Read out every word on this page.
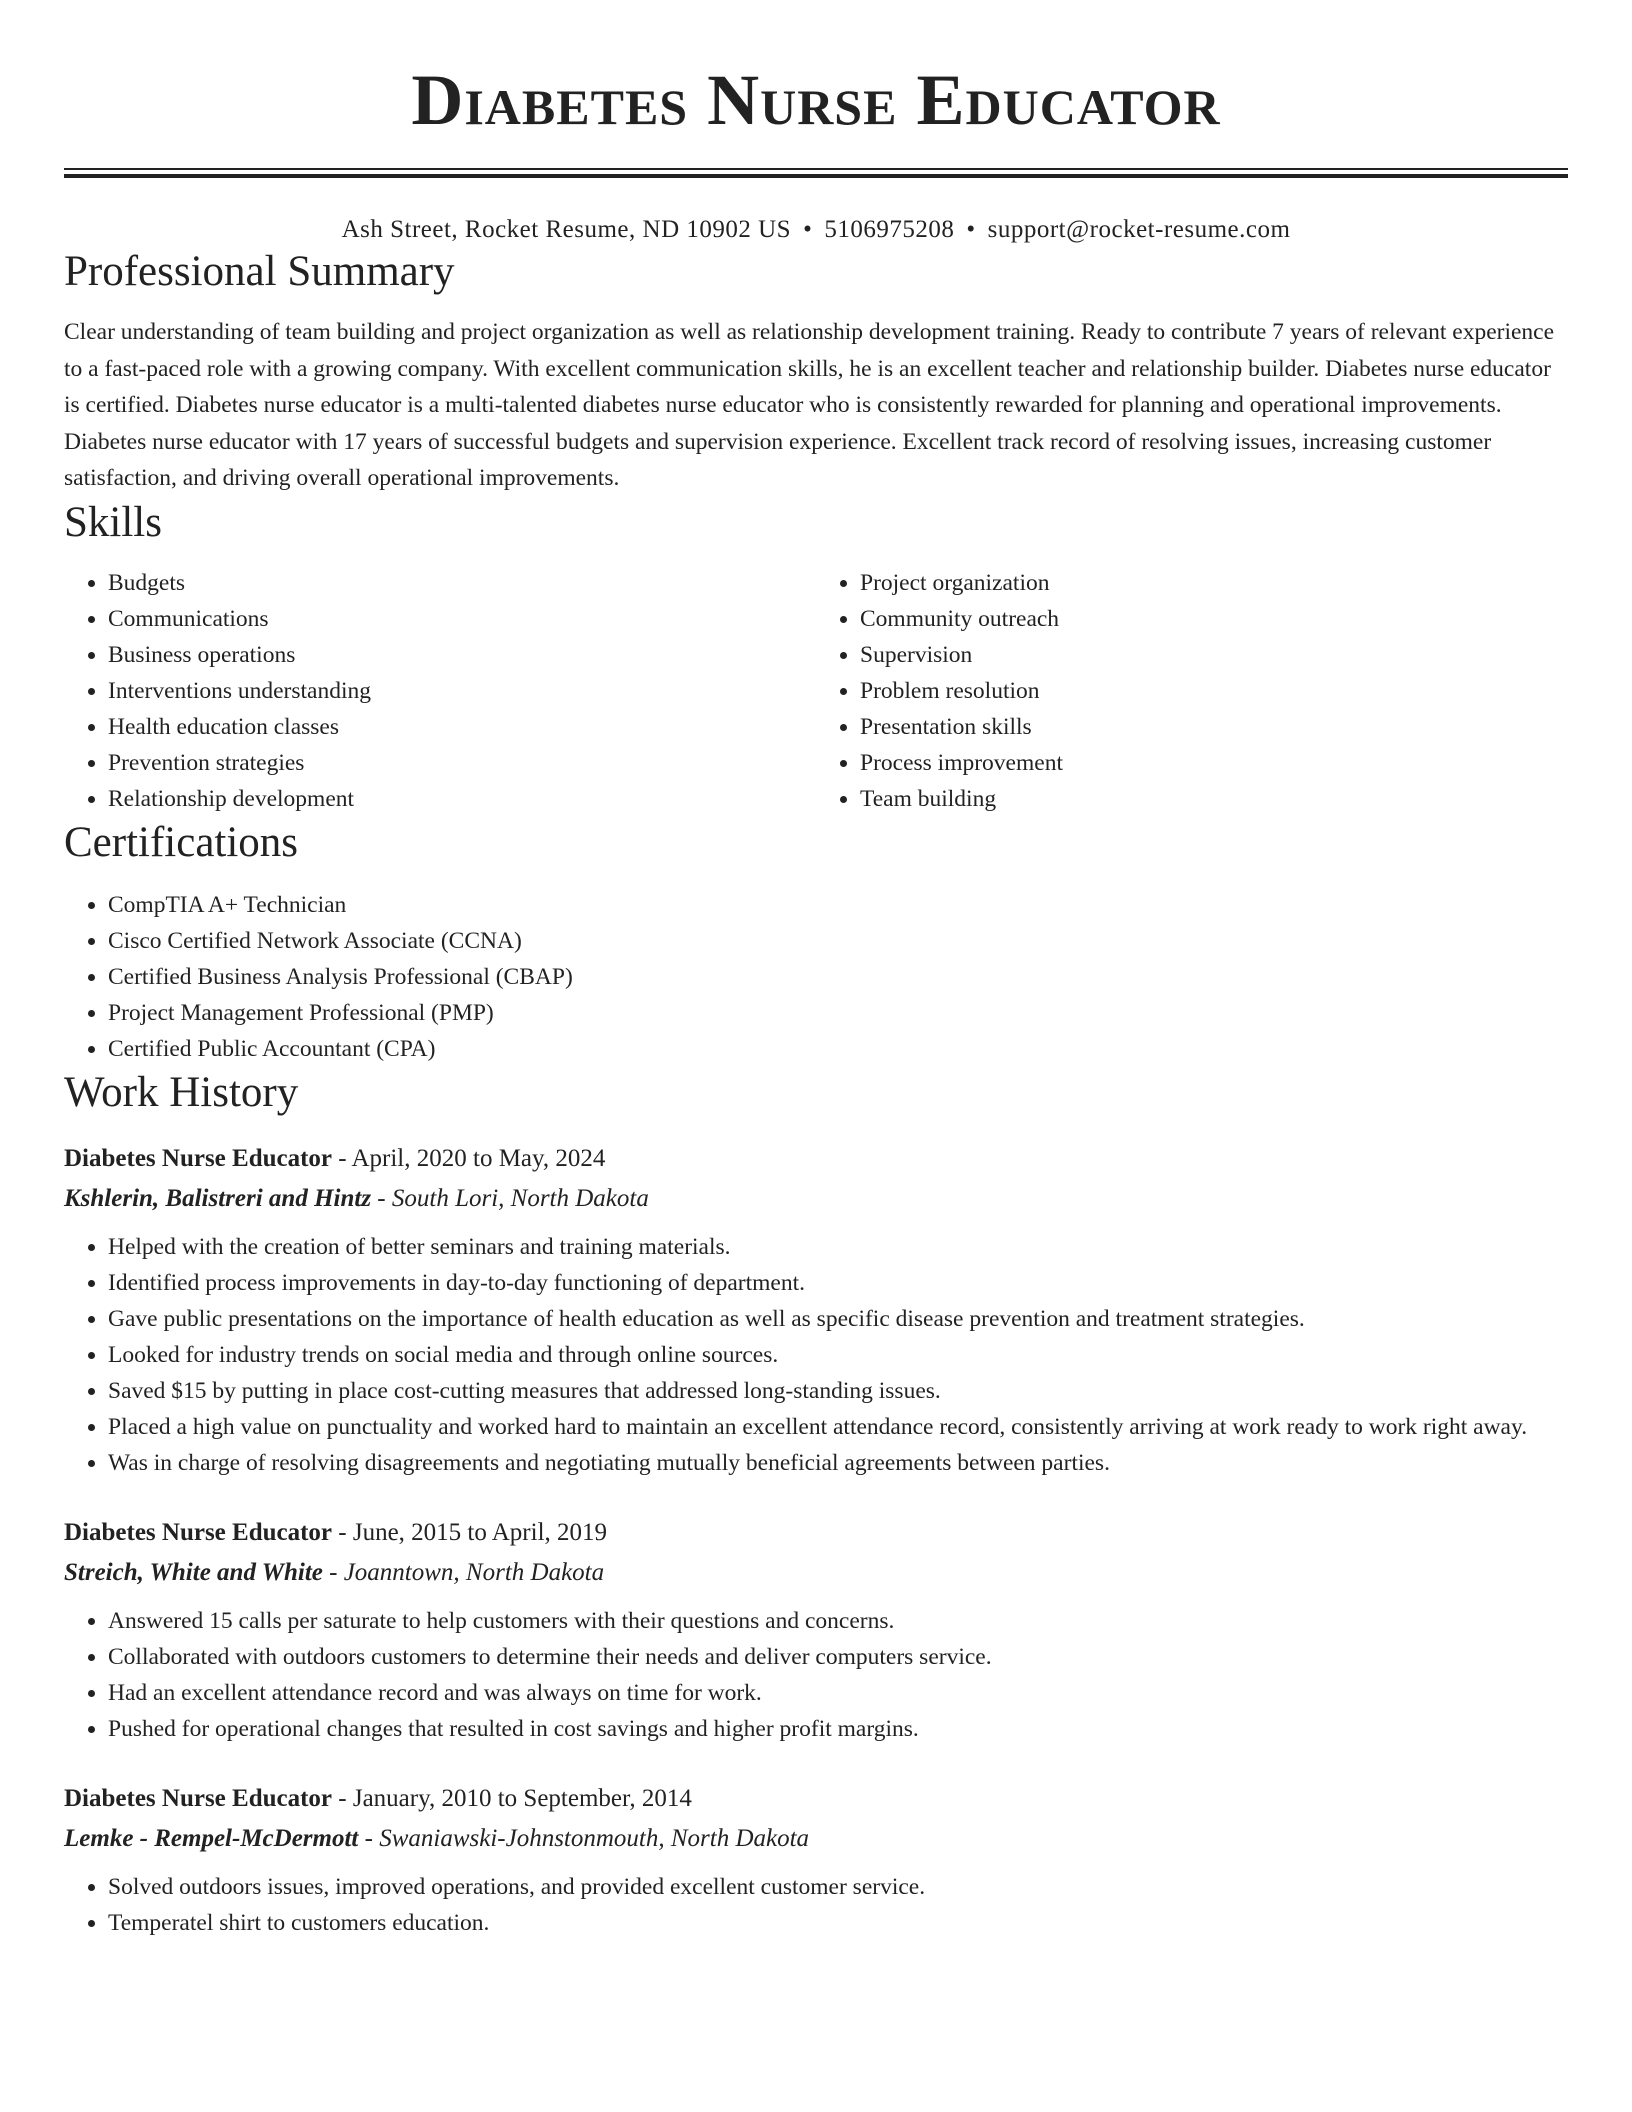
Diabetes Nurse Educator
Ash Street, Rocket Resume, ND 10902 US • 5106975208 • support@rocket-resume.com
Professional Summary

Clear understanding of team building and project organization as well as relationship development training. Ready to contribute 7 years of relevant experience to a fast-paced role with a growing company. With excellent communication skills, he is an excellent teacher and relationship builder. Diabetes nurse educator is certified. Diabetes nurse educator is a multi-talented diabetes nurse educator who is consistently rewarded for planning and operational improvements. Diabetes nurse educator with 17 years of successful budgets and supervision experience. Excellent track record of resolving issues, increasing customer satisfaction, and driving overall operational improvements.

Skills
• Budgets
• Communications
• Business operations
• Interventions understanding
• Health education classes
• Prevention strategies
• Relationship development
• Project organization
• Community outreach
• Supervision
• Problem resolution
• Presentation skills
• Process improvement
• Team building
Certifications
• CompTIA A+ Technician
• Cisco Certified Network Associate (CCNA)
• Certified Business Analysis Professional (CBAP)
• Project Management Professional (PMP)
• Certified Public Accountant (CPA)
Work History
Diabetes Nurse Educator - April, 2020 to May, 2024
Kshlerin, Balistreri and Hintz - South Lori, North Dakota
• Helped with the creation of better seminars and training materials.
• Identified process improvements in day-to-day functioning of department.
• Gave public presentations on the importance of health education as well as specific disease prevention and treatment strategies.
• Looked for industry trends on social media and through online sources.
• Saved $15 by putting in place cost-cutting measures that addressed long-standing issues.
• Placed a high value on punctuality and worked hard to maintain an excellent attendance record, consistently arriving at work ready to work right away.
• Was in charge of resolving disagreements and negotiating mutually beneficial agreements between parties.
Diabetes Nurse Educator - June, 2015 to April, 2019
Streich, White and White - Joanntown, North Dakota
• Answered 15 calls per saturate to help customers with their questions and concerns.
• Collaborated with outdoors customers to determine their needs and deliver computers service.
• Had an excellent attendance record and was always on time for work.
• Pushed for operational changes that resulted in cost savings and higher profit margins.
Diabetes Nurse Educator - January, 2010 to September, 2014
Lemke - Rempel-McDermott - Swaniawski-Johnstonmouth, North Dakota
• Solved outdoors issues, improved operations, and provided excellent customer service.
• Temperatel shirt to customers education.
